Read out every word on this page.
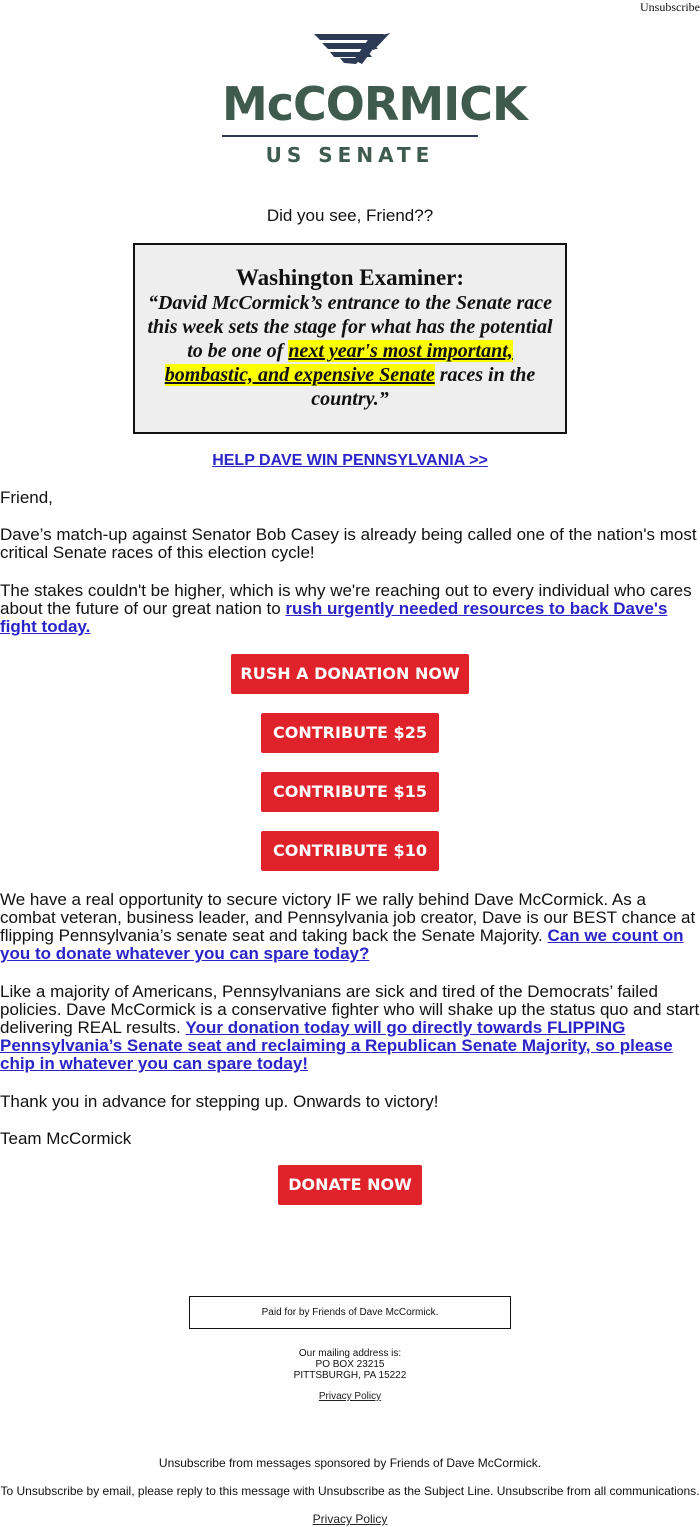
Unsubscribe
McCORMICK
US SENATE
Did you see, Friend??
Washington Examiner:
“David McCormick’s entrance to the Senate race this week sets the stage for what has the potential to be one of next year's most important, bombastic, and expensive Senate races in the country.”
HELP DAVE WIN PENNSYLVANIA >>
Friend,
Dave’s match-up against Senator Bob Casey is already being called one of the nation's most critical Senate races of this election cycle!
The stakes couldn't be higher, which is why we're reaching out to every individual who cares about the future of our great nation to rush urgently needed resources to back Dave's fight today.
RUSH A DONATION NOW
CONTRIBUTE $25
CONTRIBUTE $15
CONTRIBUTE $10
We have a real opportunity to secure victory IF we rally behind Dave McCormick. As a combat veteran, business leader, and Pennsylvania job creator, Dave is our BEST chance at flipping Pennsylvania’s senate seat and taking back the Senate Majority. Can we count on you to donate whatever you can spare today?
Like a majority of Americans, Pennsylvanians are sick and tired of the Democrats’ failed policies. Dave McCormick is a conservative fighter who will shake up the status quo and start delivering REAL results. Your donation today will go directly towards FLIPPING Pennsylvania’s Senate seat and reclaiming a Republican Senate Majority, so please chip in whatever you can spare today!
Thank you in advance for stepping up. Onwards to victory!
Team McCormick
DONATE NOW
Paid for by Friends of Dave McCormick.
Our mailing address is:
PO BOX 23215
PITTSBURGH, PA 15222
Privacy Policy
Unsubscribe from messages sponsored by Friends of Dave McCormick.
To Unsubscribe by email, please reply to this message with Unsubscribe as the Subject Line. Unsubscribe from all communications.
Privacy Policy
